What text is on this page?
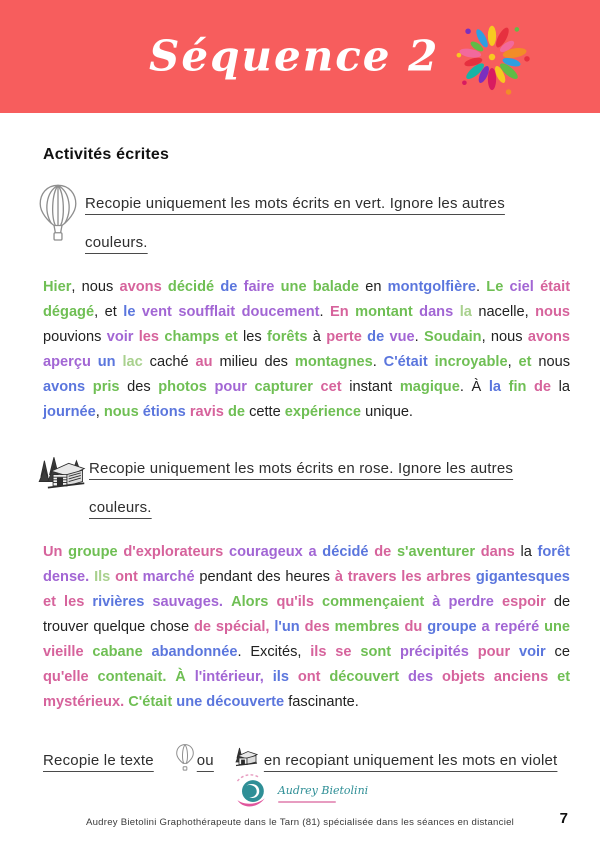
Séquence 2
Activités écrites

Recopie uniquement les mots écrits en vert. Ignore les autres couleurs.

Hier, nous avons décidé de faire une balade en montgolfière. Le ciel était dégagé, et le vent soufflait doucement. En montant dans la nacelle, nous pouvions voir les champs et les forêts à perte de vue. Soudain, nous avons aperçu un lac caché au milieu des montagnes. C'était incroyable, et nous avons pris des photos pour capturer cet instant magique. À la fin de la journée, nous étions ravis de cette expérience unique.

Recopie uniquement les mots écrits en rose. Ignore les autres couleurs.

Un groupe d'explorateurs courageux a décidé de s'aventurer dans la forêt dense. Ils ont marché pendant des heures à travers les arbres gigantesques et les rivières sauvages. Alors qu'ils commençaient à perdre espoir de trouver quelque chose de spécial, l'un des membres du groupe a repéré une vieille cabane abandonnée. Excités, ils se sont précipités pour voir ce qu'elle contenait. À l'intérieur, ils ont découvert des objets anciens et mystérieux. C'était une découverte fascinante.

Recopie le texte	ou	en recopiant uniquement les mots en violet

Audrey Bietolini

Audrey Bietolini Graphothérapeute dans le Tarn (81) spécialisée dans les séances en distanciel	7
